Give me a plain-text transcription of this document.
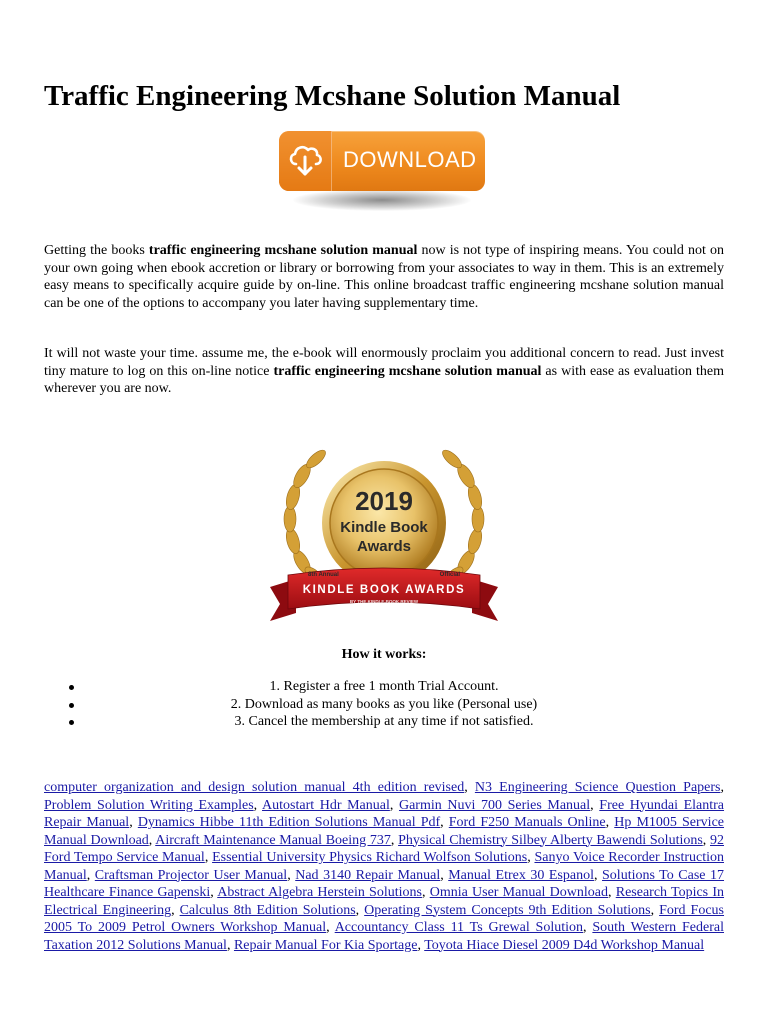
Traffic Engineering Mcshane Solution Manual
DOWNLOAD

Getting the books traffic engineering mcshane solution manual now is not type of inspiring means. You could not on your own going when ebook accretion or library or borrowing from your associates to way in them. This is an extremely easy means to specifically acquire guide by on-line. This online broadcast traffic engineering mcshane solution manual can be one of the options to accompany you later having supplementary time.

It will not waste your time. assume me, the e-book will enormously proclaim you additional concern to read. Just invest tiny mature to log on this on-line notice traffic engineering mcshane solution manual as with ease as evaluation them wherever you are now.

2019
Kindle Book
Awards
8th Annual	Official
KINDLE BOOK AWARDS
BY THE KINDLE BOOK REVIEW

How it works:

1. Register a free 1 month Trial Account.
2. Download as many books as you like (Personal use)
3. Cancel the membership at any time if not satisfied.

computer organization and design solution manual 4th edition revised, N3 Engineering Science Question Papers, Problem Solution Writing Examples, Autostart Hdr Manual, Garmin Nuvi 700 Series Manual, Free Hyundai Elantra Repair Manual, Dynamics Hibbe 11th Edition Solutions Manual Pdf, Ford F250 Manuals Online, Hp M1005 Service Manual Download, Aircraft Maintenance Manual Boeing 737, Physical Chemistry Silbey Alberty Bawendi Solutions, 92 Ford Tempo Service Manual, Essential University Physics Richard Wolfson Solutions, Sanyo Voice Recorder Instruction Manual, Craftsman Projector User Manual, Nad 3140 Repair Manual, Manual Etrex 30 Espanol, Solutions To Case 17 Healthcare Finance Gapenski, Abstract Algebra Herstein Solutions, Omnia User Manual Download, Research Topics In Electrical Engineering, Calculus 8th Edition Solutions, Operating System Concepts 9th Edition Solutions, Ford Focus 2005 To 2009 Petrol Owners Workshop Manual, Accountancy Class 11 Ts Grewal Solution, South Western Federal Taxation 2012 Solutions Manual, Repair Manual For Kia Sportage, Toyota Hiace Diesel 2009 D4d Workshop Manual
